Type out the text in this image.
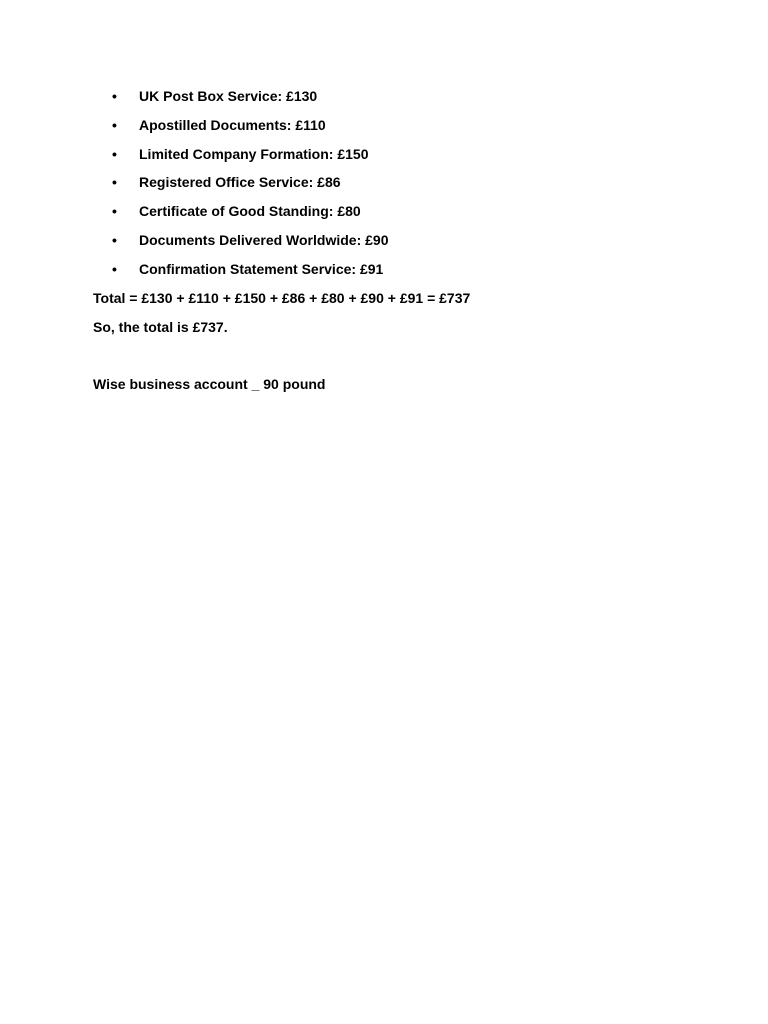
•	UK Post Box Service: £130
•	Apostilled Documents: £110
•	Limited Company Formation: £150
•	Registered Office Service: £86
•	Certificate of Good Standing: £80
•	Documents Delivered Worldwide: £90
•	Confirmation Statement Service: £91
Total = £130 + £110 + £150 + £86 + £80 + £90 + £91 = £737
So, the total is £737.
Wise business account _ 90 pound
